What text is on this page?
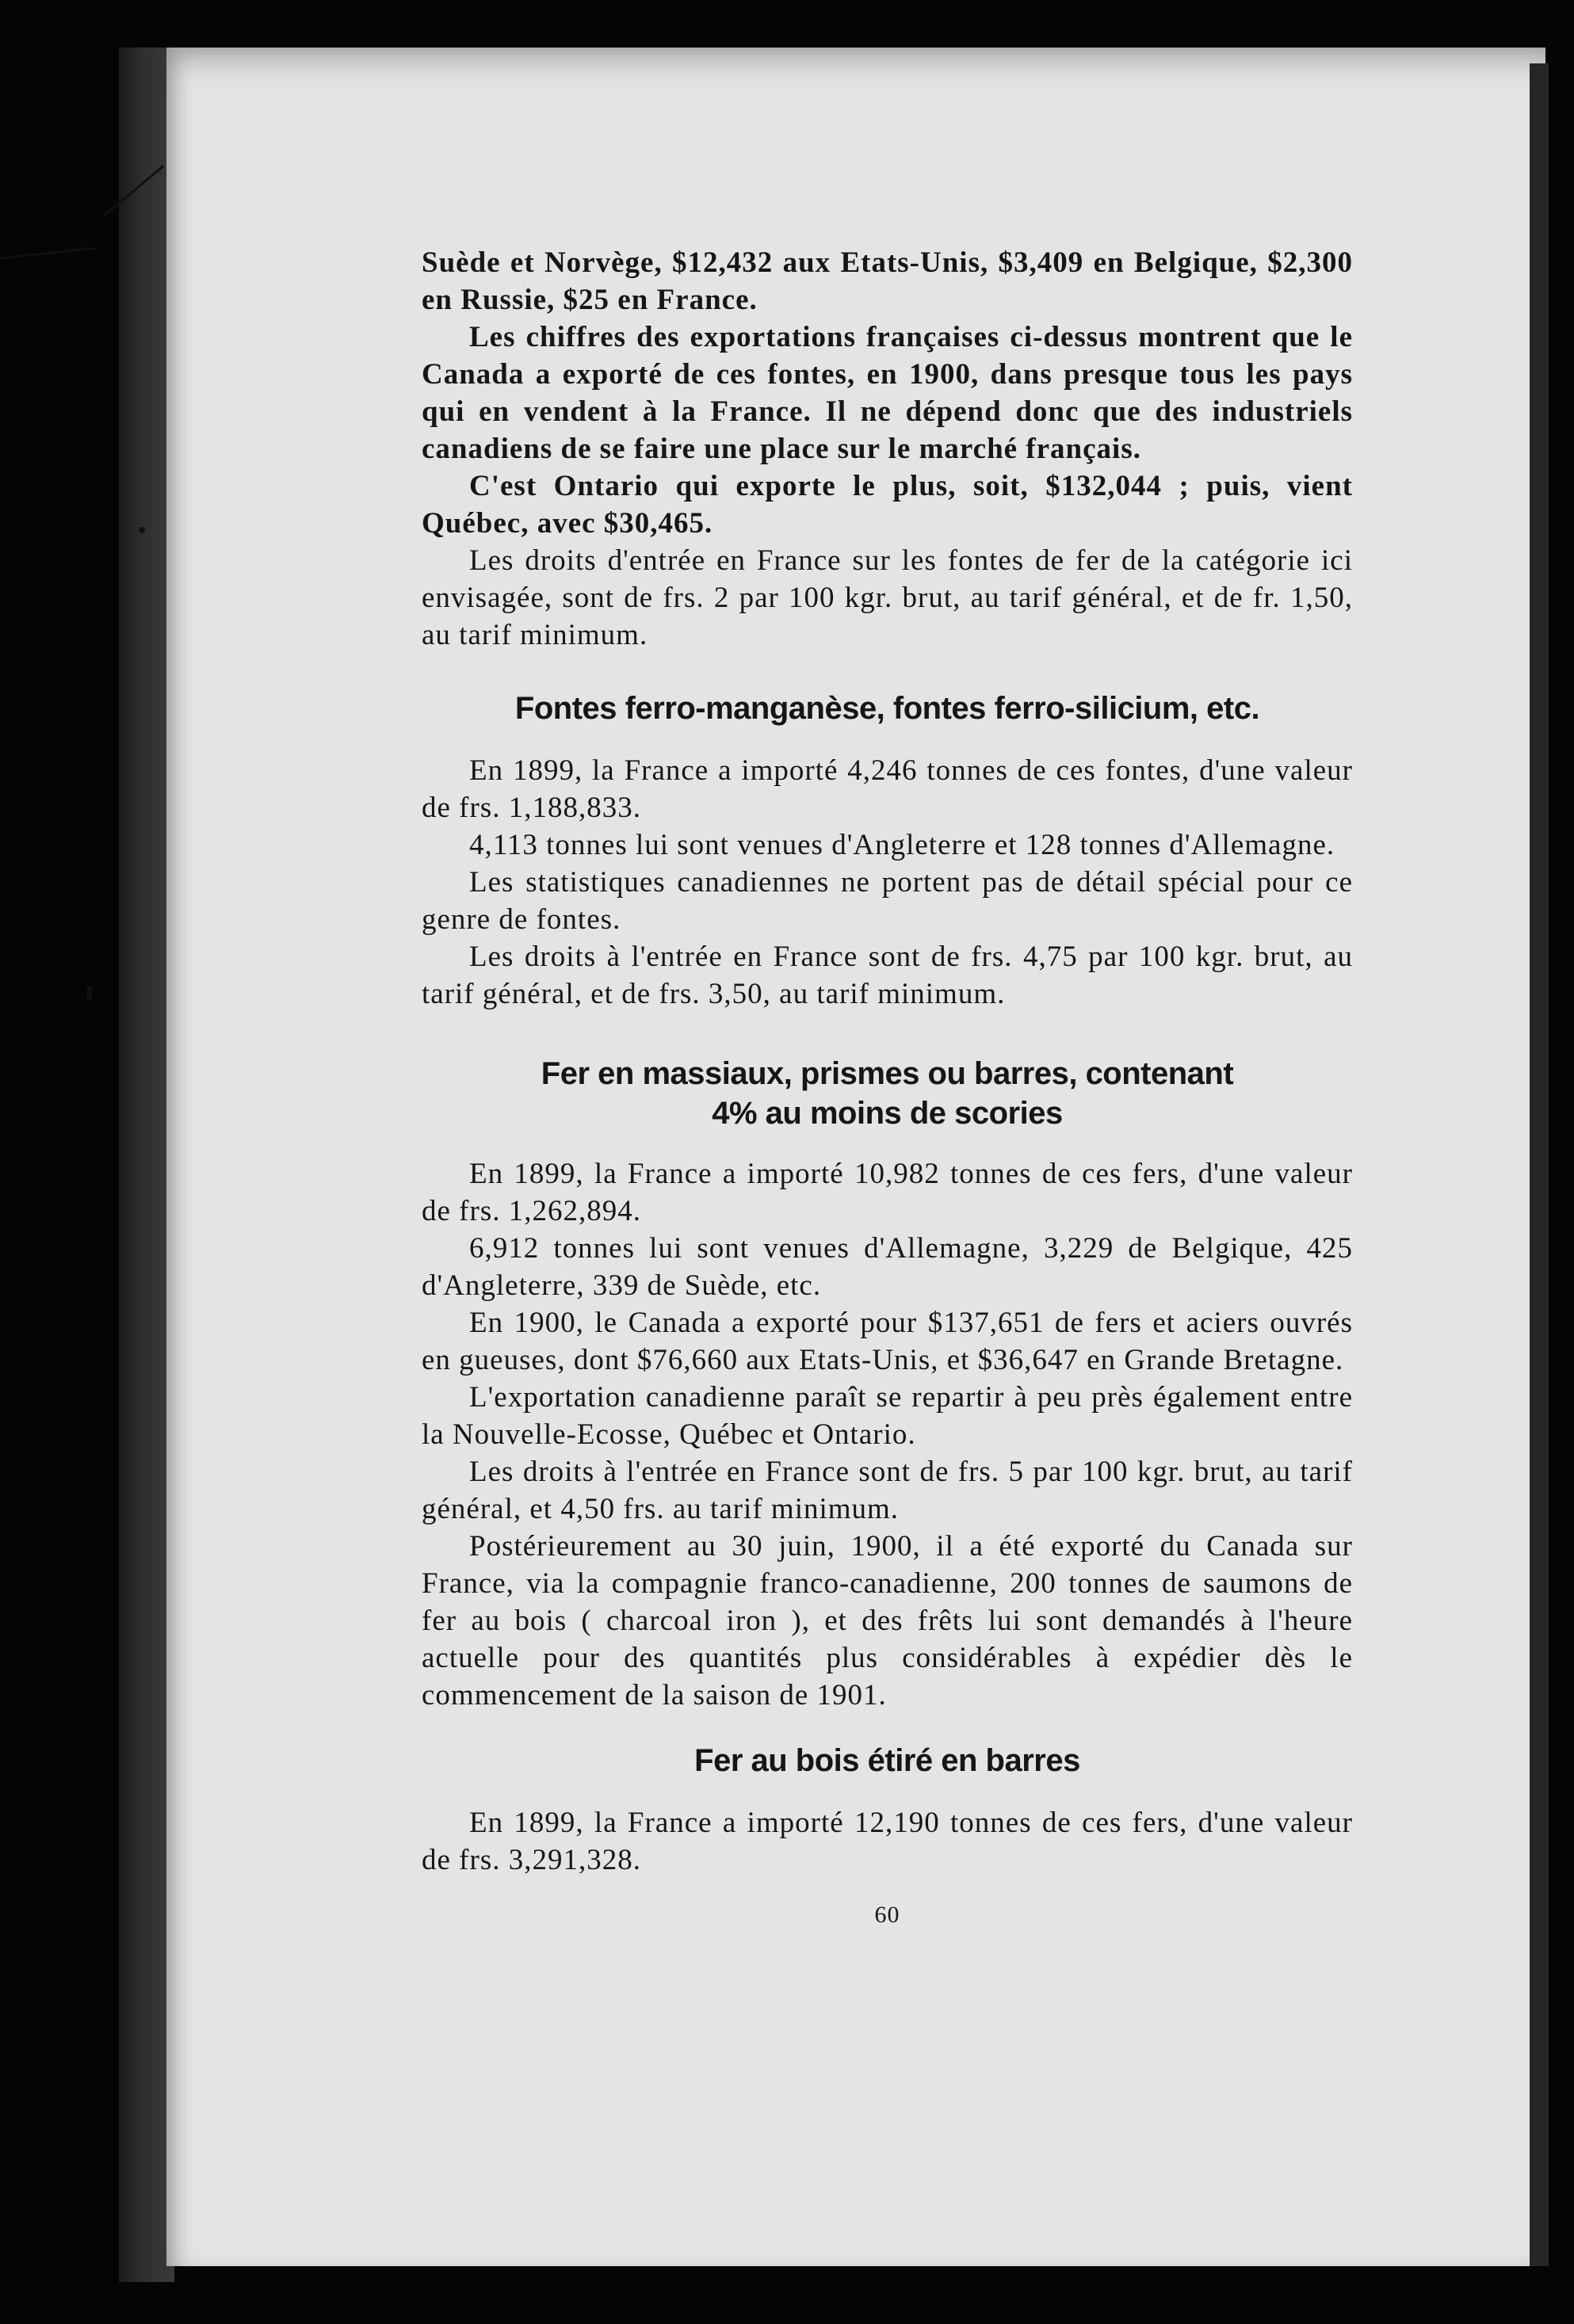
Suède et Norvège, $12,432 aux Etats-Unis, $3,409 en Belgique, $2,300 en Russie, $25 en France.

Les chiffres des exportations françaises ci-dessus montrent que le Canada a exporté de ces fontes, en 1900, dans presque tous les pays qui en vendent à la France. Il ne dépend donc que des industriels canadiens de se faire une place sur le marché français.

C'est Ontario qui exporte le plus, soit, $132,044 ; puis, vient Québec, avec $30,465.

Les droits d'entrée en France sur les fontes de fer de la catégorie ici envisagée, sont de frs. 2 par 100 kgr. brut, au tarif général, et de fr. 1,50, au tarif minimum.

Fontes ferro-manganèse, fontes ferro-silicium, etc.

En 1899, la France a importé 4,246 tonnes de ces fontes, d'une valeur de frs. 1,188,833.

4,113 tonnes lui sont venues d'Angleterre et 128 tonnes d'Allemagne.

Les statistiques canadiennes ne portent pas de détail spécial pour ce genre de fontes.

Les droits à l'entrée en France sont de frs. 4,75 par 100 kgr. brut, au tarif général, et de frs. 3,50, au tarif minimum.

Fer en massiaux, prismes ou barres, contenant
4% au moins de scories

En 1899, la France a importé 10,982 tonnes de ces fers, d'une valeur de frs. 1,262,894.

6,912 tonnes lui sont venues d'Allemagne, 3,229 de Belgique, 425 d'Angleterre, 339 de Suède, etc.

En 1900, le Canada a exporté pour $137,651 de fers et aciers ouvrés en gueuses, dont $76,660 aux Etats-Unis, et $36,647 en Grande Bretagne.

L'exportation canadienne paraît se repartir à peu près également entre la Nouvelle-Ecosse, Québec et Ontario.

Les droits à l'entrée en France sont de frs. 5 par 100 kgr. brut, au tarif général, et 4,50 frs. au tarif minimum.

Postérieurement au 30 juin, 1900, il a été exporté du Canada sur France, via la compagnie franco-canadienne, 200 tonnes de saumons de fer au bois ( charcoal iron ), et des frêts lui sont demandés à l'heure actuelle pour des quantités plus considérables à expédier dès le commencement de la saison de 1901.

Fer au bois étiré en barres

En 1899, la France a importé 12,190 tonnes de ces fers, d'une valeur de frs. 3,291,328.

60
